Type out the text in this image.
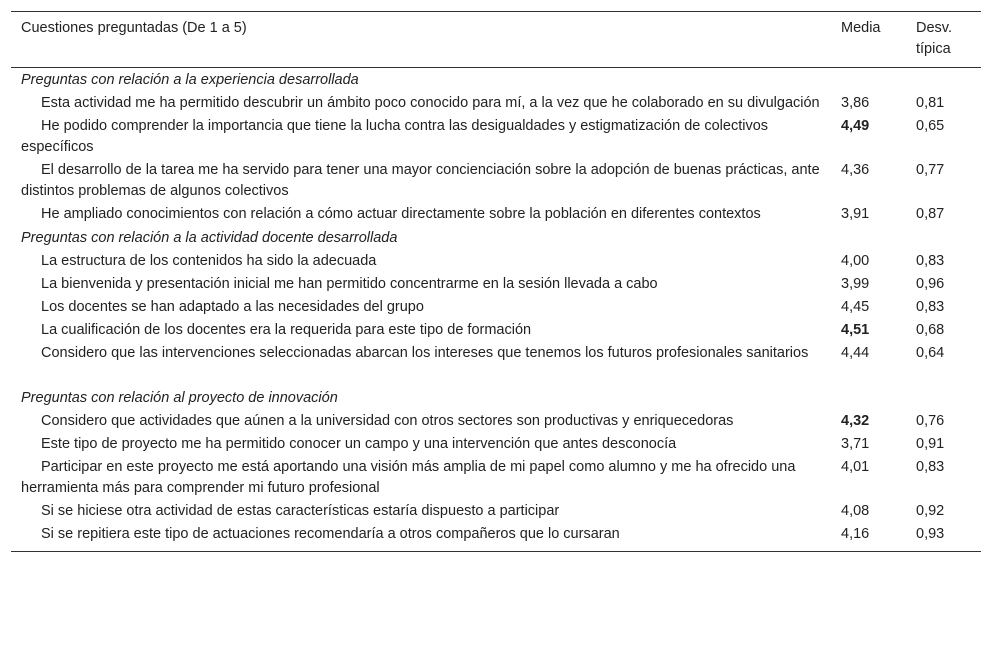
Cuestiones preguntadas (De 1 a 5)	Media	Desv.
típica
Preguntas con relación a la experiencia desarrollada		
Esta actividad me ha permitido descubrir un ámbito poco conocido para mí, a la vez que he colaborado en su divulgación	3,86	0,81
He podido comprender la importancia que tiene la lucha contra las desigualdades y estigmatización de colectivos específicos	4,49	0,65
El desarrollo de la tarea me ha servido para tener una mayor concienciación sobre la adopción de buenas prácticas, ante distintos problemas de algunos colectivos	4,36	0,77
He ampliado conocimientos con relación a cómo actuar directamente sobre la población en diferentes contextos	3,91	0,87
Preguntas con relación a la actividad docente desarrollada		
La estructura de los contenidos ha sido la adecuada	4,00	0,83
La bienvenida y presentación inicial me han permitido concentrarme en la sesión llevada a cabo	3,99	0,96
Los docentes se han adaptado a las necesidades del grupo	4,45	0,83
La cualificación de los docentes era la requerida para este tipo de formación	4,51	0,68
Considero que las intervenciones seleccionadas abarcan los intereses que tenemos los futuros profesionales sanitarios	4,44	0,64

Preguntas con relación al proyecto de innovación		
Considero que actividades que aúnen a la universidad con otros sectores son productivas y enriquecedoras	4,32	0,76
Este tipo de proyecto me ha permitido conocer un campo y una intervención que antes desconocía	3,71	0,91
Participar en este proyecto me está aportando una visión más amplia de mi papel como alumno y me ha ofrecido una herramienta más para comprender mi futuro profesional	4,01	0,83
Si se hiciese otra actividad de estas características estaría dispuesto a participar	4,08	0,92
Si se repitiera este tipo de actuaciones recomendaría a otros compañeros que lo cursaran	4,16	0,93
